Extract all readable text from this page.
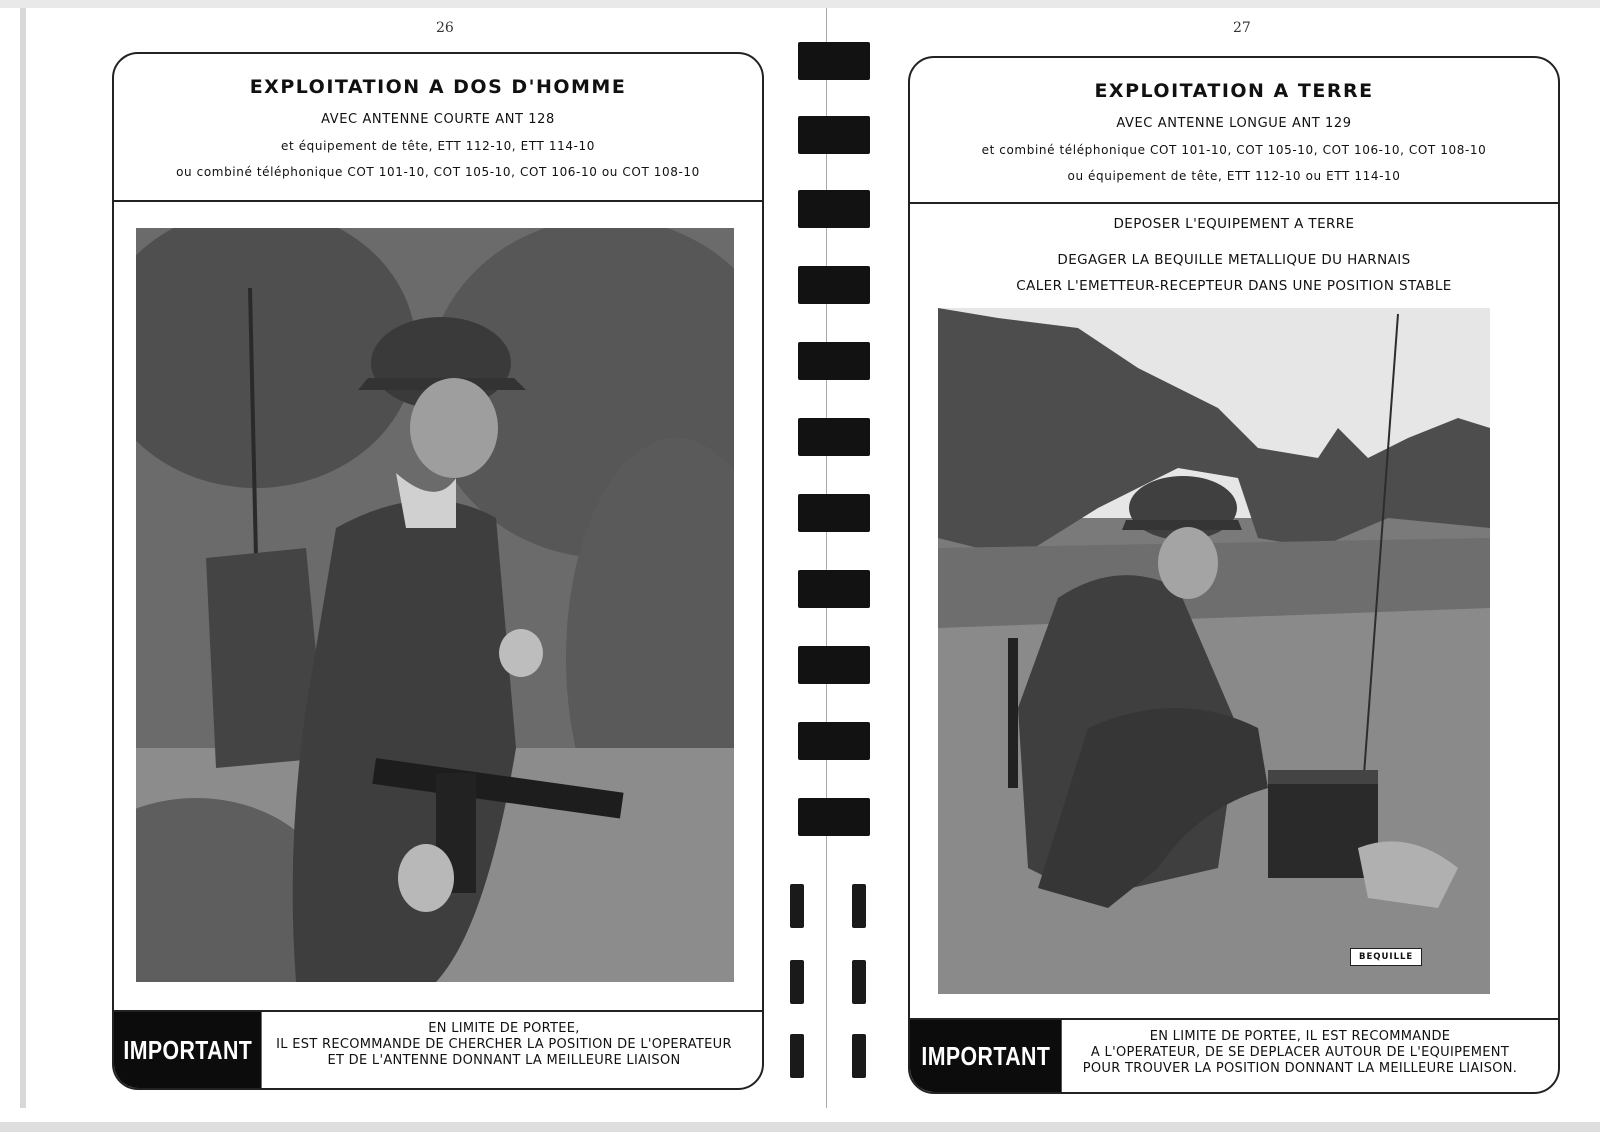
26
EXPLOITATION A DOS D'HOMME
AVEC ANTENNE COURTE ANT 128
et équipement de tête, ETT 112-10, ETT 114-10
ou combiné téléphonique COT 101-10, COT 105-10, COT 106-10 ou COT 108-10
IMPORTANT
EN LIMITE DE PORTEE,
IL EST RECOMMANDE DE CHERCHER LA POSITION DE L'OPERATEUR
ET DE L'ANTENNE DONNANT LA MEILLEURE LIAISON
27
EXPLOITATION A TERRE
AVEC ANTENNE LONGUE ANT 129
et combiné téléphonique COT 101-10, COT 105-10, COT 106-10, COT 108-10
ou équipement de tête, ETT 112-10 ou ETT 114-10
DEPOSER L'EQUIPEMENT A TERRE
DEGAGER LA BEQUILLE METALLIQUE DU HARNAIS
CALER L'EMETTEUR-RECEPTEUR DANS UNE POSITION STABLE
BEQUILLE
IMPORTANT
EN LIMITE DE PORTEE, IL EST RECOMMANDE
A L'OPERATEUR, DE SE DEPLACER AUTOUR DE L'EQUIPEMENT
POUR TROUVER LA POSITION DONNANT LA MEILLEURE LIAISON.
